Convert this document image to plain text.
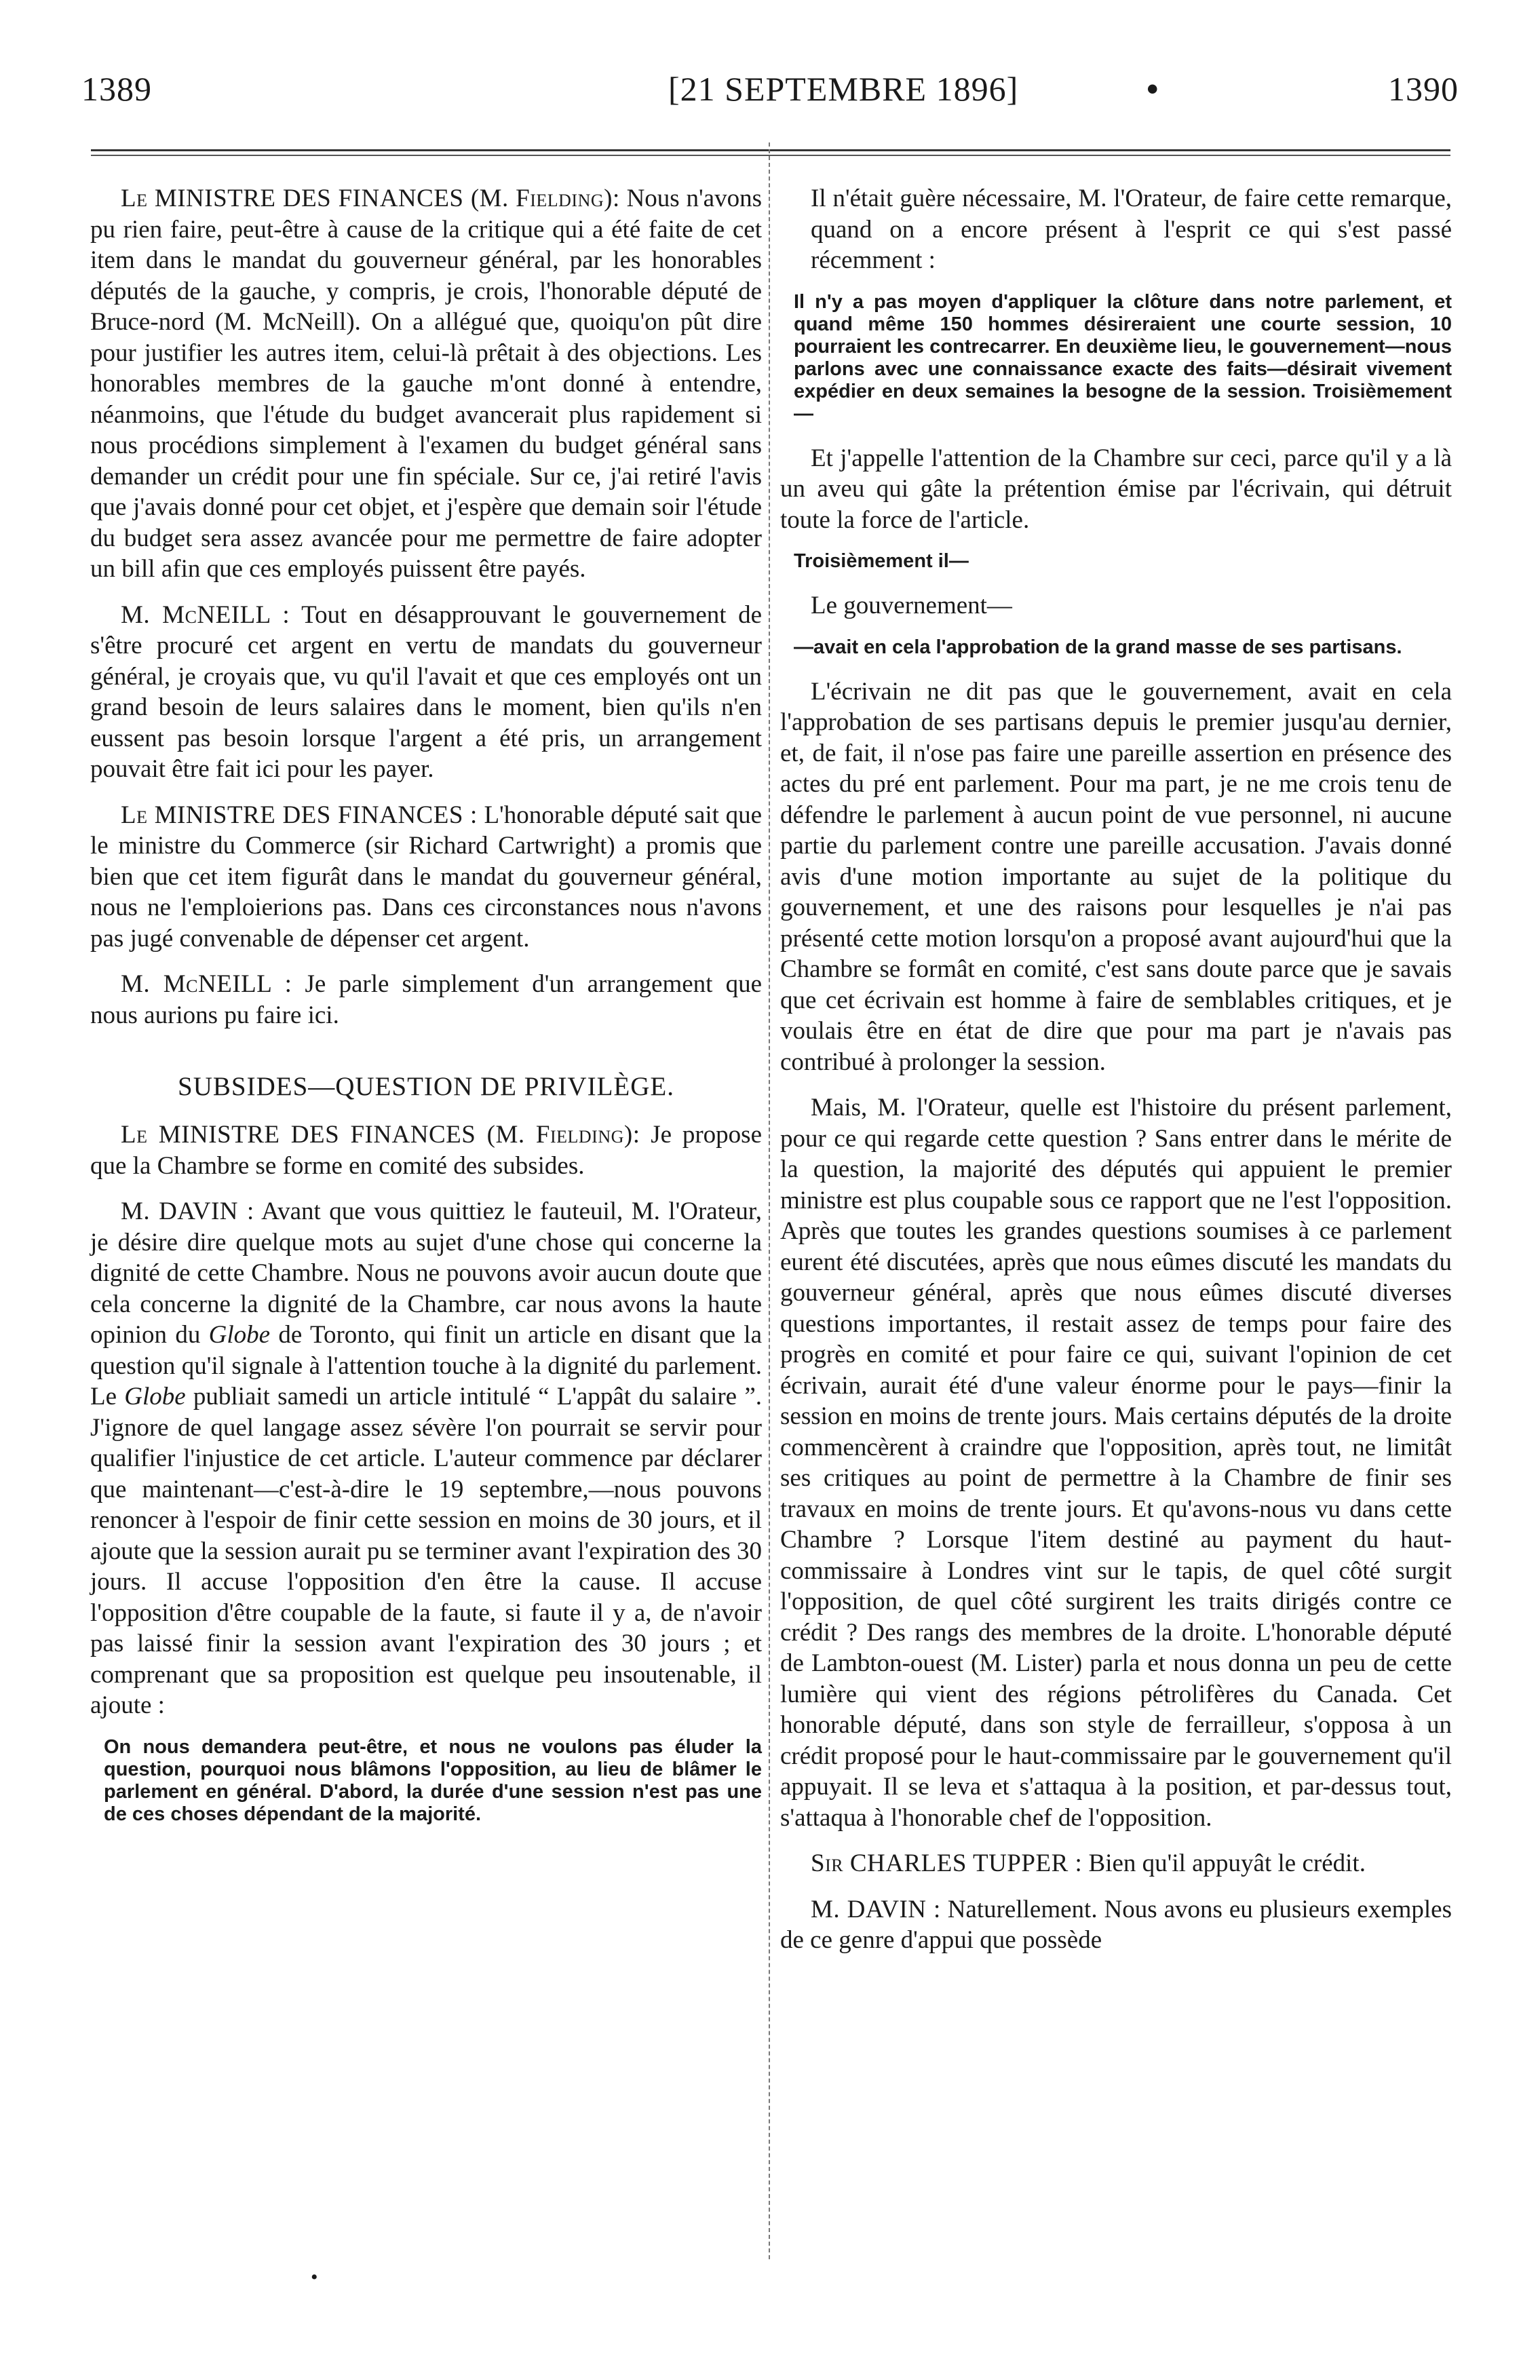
1389	[21 SEPTEMBRE 1896]	•	1390

Le MINISTRE DES FINANCES (M. Fielding): Nous n'avons pu rien faire, peut-être à cause de la critique qui a été faite de cet item dans le mandat du gouverneur général, par les honorables députés de la gauche, y compris, je crois, l'honorable député de Bruce-nord (M. McNeill). On a allégué que, quoiqu'on pût dire pour justifier les autres item, celui-là prêtait à des objections. Les honorables membres de la gauche m'ont donné à entendre, néanmoins, que l'étude du budget avancerait plus rapidement si nous procédions simplement à l'examen du budget général sans demander un crédit pour une fin spéciale. Sur ce, j'ai retiré l'avis que j'avais donné pour cet objet, et j'espère que demain soir l'étude du budget sera assez avancée pour me permettre de faire adopter un bill afin que ces employés puissent être payés.

M. McNEILL : Tout en désapprouvant le gouvernement de s'être procuré cet argent en vertu de mandats du gouverneur général, je croyais que, vu qu'il l'avait et que ces employés ont un grand besoin de leurs salaires dans le moment, bien qu'ils n'en eussent pas besoin lorsque l'argent a été pris, un arrangement pouvait être fait ici pour les payer.

Le MINISTRE DES FINANCES : L'honorable député sait que le ministre du Commerce (sir Richard Cartwright) a promis que bien que cet item figurât dans le mandat du gouverneur général, nous ne l'emploierions pas. Dans ces circonstances nous n'avons pas jugé convenable de dépenser cet argent.

M. McNEILL : Je parle simplement d'un arrangement que nous aurions pu faire ici.

SUBSIDES—QUESTION DE PRIVILÈGE.

Le MINISTRE DES FINANCES (M. Fielding): Je propose que la Chambre se forme en comité des subsides.

M. DAVIN : Avant que vous quittiez le fauteuil, M. l'Orateur, je désire dire quelque mots au sujet d'une chose qui concerne la dignité de cette Chambre. Nous ne pouvons avoir aucun doute que cela concerne la dignité de la Chambre, car nous avons la haute opinion du Globe de Toronto, qui finit un article en disant que la question qu'il signale à l'attention touche à la dignité du parlement. Le Globe publiait samedi un article intitulé “ L'appât du salaire ”. J'ignore de quel langage assez sévère l'on pourrait se servir pour qualifier l'injustice de cet article. L'auteur commence par déclarer que maintenant—c'est-à-dire le 19 septembre,—nous pouvons renoncer à l'espoir de finir cette session en moins de 30 jours, et il ajoute que la session aurait pu se terminer avant l'expiration des 30 jours. Il accuse l'opposition d'en être la cause. Il accuse l'opposition d'être coupable de la faute, si faute il y a, de n'avoir pas laissé finir la session avant l'expiration des 30 jours ; et comprenant que sa proposition est quelque peu insoutenable, il ajoute :

On nous demandera peut-être, et nous ne voulons pas éluder la question, pourquoi nous blâmons l'opposition, au lieu de blâmer le parlement en général. D'abord, la durée d'une session n'est pas une de ces choses dépendant de la majorité.

Il n'était guère nécessaire, M. l'Orateur, de faire cette remarque, quand on a encore présent à l'esprit ce qui s'est passé récemment :

Il n'y a pas moyen d'appliquer la clôture dans notre parlement, et quand même 150 hommes désireraient une courte session, 10 pourraient les contrecarrer. En deuxième lieu, le gouvernement—nous parlons avec une connaissance exacte des faits—désirait vivement expédier en deux semaines la besogne de la session. Troisièmement—

Et j'appelle l'attention de la Chambre sur ceci, parce qu'il y a là un aveu qui gâte la prétention émise par l'écrivain, qui détruit toute la force de l'article.

Troisièmement il—

Le gouvernement—

—avait en cela l'approbation de la grand masse de ses partisans.

L'écrivain ne dit pas que le gouvernement, avait en cela l'approbation de ses partisans depuis le premier jusqu'au dernier, et, de fait, il n'ose pas faire une pareille assertion en présence des actes du pré ent parlement. Pour ma part, je ne me crois tenu de défendre le parlement à aucun point de vue personnel, ni aucune partie du parlement contre une pareille accusation. J'avais donné avis d'une motion importante au sujet de la politique du gouvernement, et une des raisons pour lesquelles je n'ai pas présenté cette motion lorsqu'on a proposé avant aujourd'hui que la Chambre se formât en comité, c'est sans doute parce que je savais que cet écrivain est homme à faire de semblables critiques, et je voulais être en état de dire que pour ma part je n'avais pas contribué à prolonger la session.

Mais, M. l'Orateur, quelle est l'histoire du présent parlement, pour ce qui regarde cette question ? Sans entrer dans le mérite de la question, la majorité des députés qui appuient le premier ministre est plus coupable sous ce rapport que ne l'est l'opposition. Après que toutes les grandes questions soumises à ce parlement eurent été discutées, après que nous eûmes discuté les mandats du gouverneur général, après que nous eûmes discuté diverses questions importantes, il restait assez de temps pour faire des progrès en comité et pour faire ce qui, suivant l'opinion de cet écrivain, aurait été d'une valeur énorme pour le pays—finir la session en moins de trente jours. Mais certains députés de la droite commencèrent à craindre que l'opposition, après tout, ne limitât ses critiques au point de permettre à la Chambre de finir ses travaux en moins de trente jours. Et qu'avons-nous vu dans cette Chambre ? Lorsque l'item destiné au payment du haut-commissaire à Londres vint sur le tapis, de quel côté surgit l'opposition, de quel côté surgirent les traits dirigés contre ce crédit ? Des rangs des membres de la droite. L'honorable député de Lambton-ouest (M. Lister) parla et nous donna un peu de cette lumière qui vient des régions pétrolifères du Canada. Cet honorable député, dans son style de ferrailleur, s'opposa à un crédit proposé pour le haut-commissaire par le gouvernement qu'il appuyait. Il se leva et s'attaqua à la position, et par-dessus tout, s'attaqua à l'honorable chef de l'opposition.

Sir CHARLES TUPPER : Bien qu'il appuyât le crédit.

M. DAVIN : Naturellement. Nous avons eu plusieurs exemples de ce genre d'appui que possède

•
